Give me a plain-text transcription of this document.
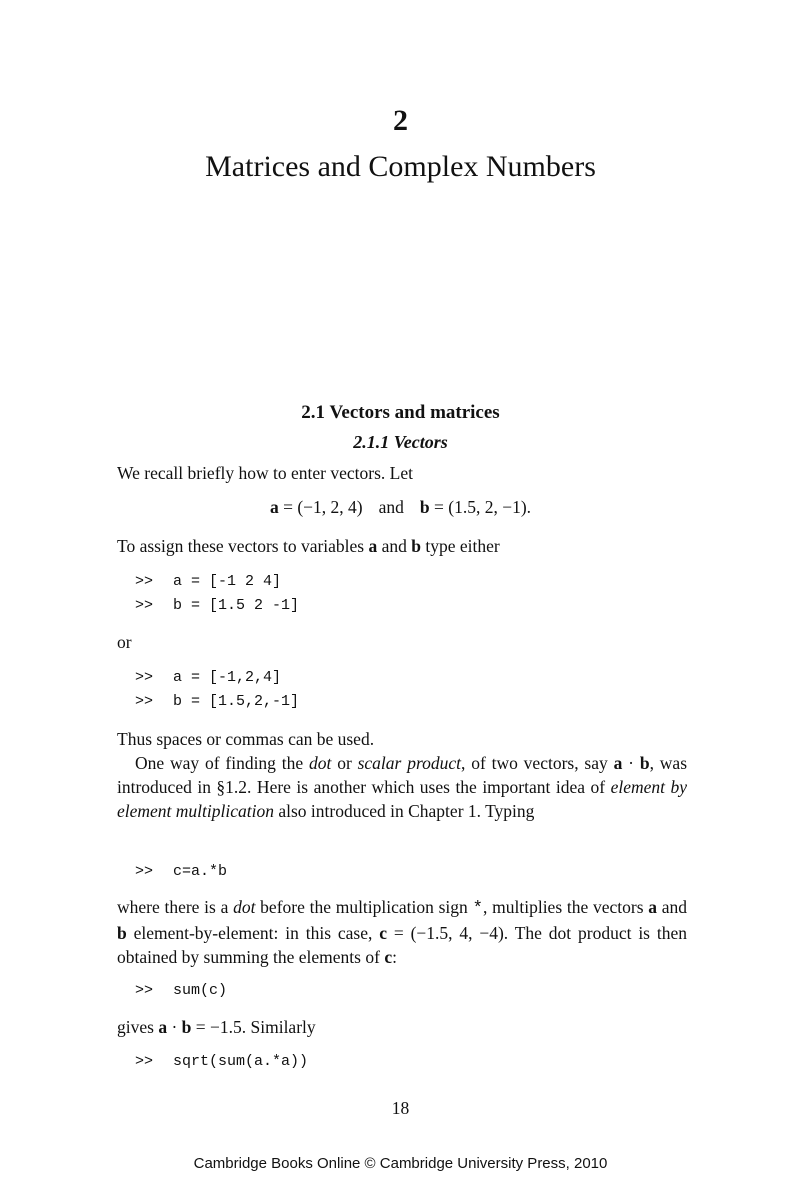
2
Matrices and Complex Numbers
2.1 Vectors and matrices
2.1.1 Vectors

We recall briefly how to enter vectors. Let

a = (−1, 2, 4) and b = (1.5, 2, −1).

To assign these vectors to variables a and b type either

>> a = [-1 2 4]
>> b = [1.5 2 -1]

or

>> a = [-1,2,4]
>> b = [1.5,2,-1]

Thus spaces or commas can be used.

One way of finding the dot or scalar product, of two vectors, say a · b, was introduced in §1.2. Here is another which uses the important idea of element by element multiplication also introduced in Chapter 1. Typing

>> c=a.*b

where there is a dot before the multiplication sign *, multiplies the vectors a and b element-by-element: in this case, c = (−1.5, 4, −4). The dot product is then obtained by summing the elements of c:

>> sum(c)

gives a · b = −1.5. Similarly

>> sqrt(sum(a.*a))
18
Cambridge Books Online © Cambridge University Press, 2010
